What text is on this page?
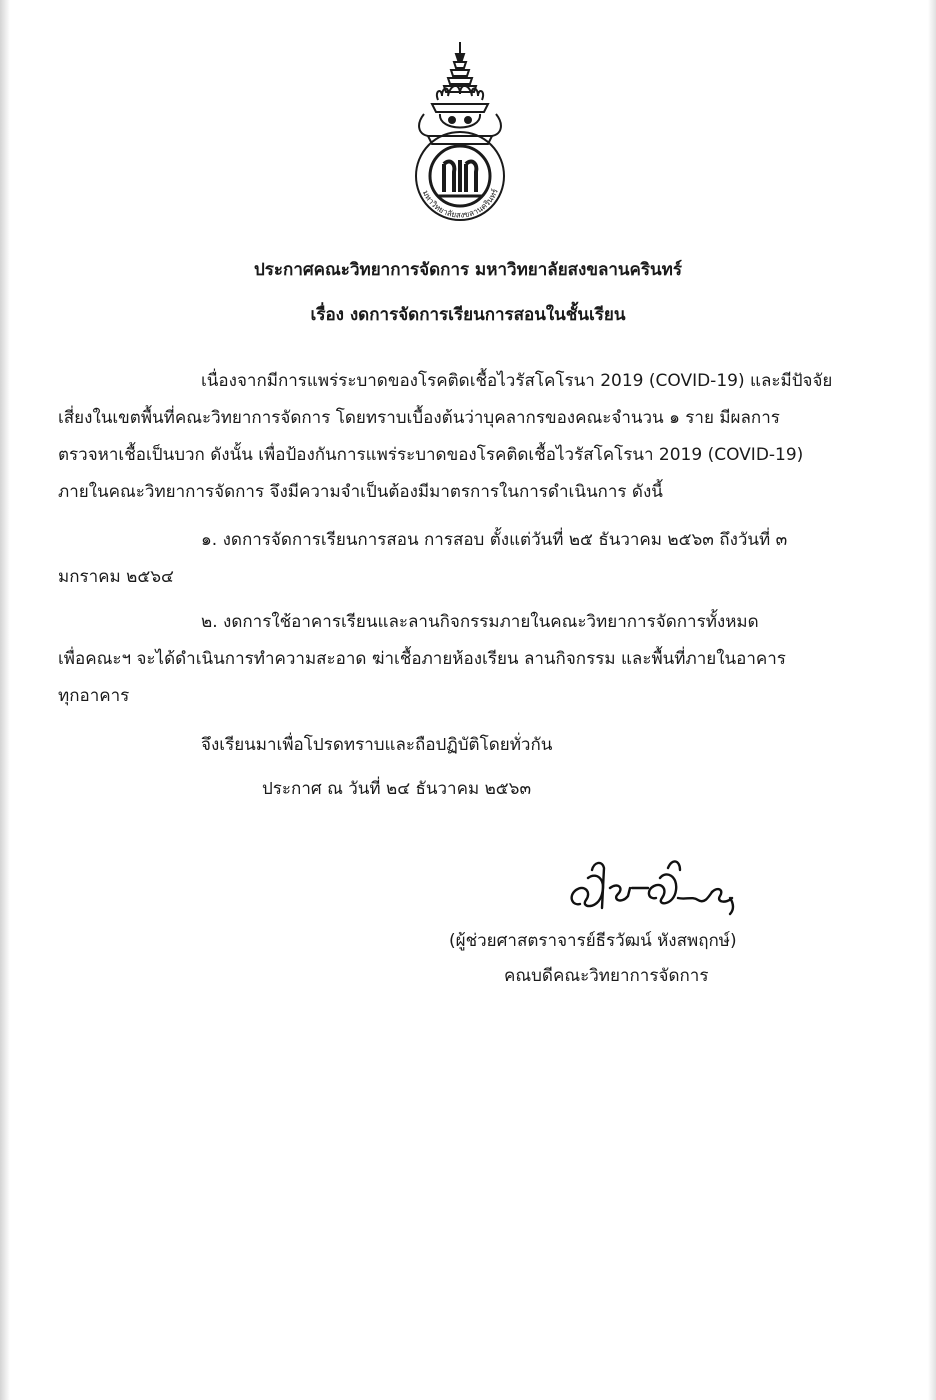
มหาวิทยาลัยสงขลานครินทร์
ประกาศคณะวิทยาการจัดการ มหาวิทยาลัยสงขลานครินทร์
เรื่อง งดการจัดการเรียนการสอนในชั้นเรียน
เนื่องจากมีการแพร่ระบาดของโรคติดเชื้อไวรัสโคโรนา 2019 (COVID-19) และมีปัจจัย
เสี่ยงในเขตพื้นที่คณะวิทยาการจัดการ โดยทราบเบื้องต้นว่าบุคลากรของคณะจำนวน ๑ ราย มีผลการ
ตรวจหาเชื้อเป็นบวก ดังนั้น เพื่อป้องกันการแพร่ระบาดของโรคติดเชื้อไวรัสโคโรนา 2019 (COVID-19)
ภายในคณะวิทยาการจัดการ จึงมีความจำเป็นต้องมีมาตรการในการดำเนินการ ดังนี้
๑. งดการจัดการเรียนการสอน การสอบ ตั้งแต่วันที่ ๒๕ ธันวาคม ๒๕๖๓ ถึงวันที่ ๓
มกราคม ๒๕๖๔
๒. งดการใช้อาคารเรียนและลานกิจกรรมภายในคณะวิทยาการจัดการทั้งหมด
เพื่อคณะฯ จะได้ดำเนินการทำความสะอาด ฆ่าเชื้อภายห้องเรียน ลานกิจกรรม และพื้นที่ภายในอาคาร
ทุกอาคาร
จึงเรียนมาเพื่อโปรดทราบและถือปฏิบัติโดยทั่วกัน
ประกาศ ณ วันที่ ๒๔ ธันวาคม ๒๕๖๓
(ผู้ช่วยศาสตราจารย์ธีรวัฒน์ หังสพฤกษ์)
คณบดีคณะวิทยาการจัดการ
